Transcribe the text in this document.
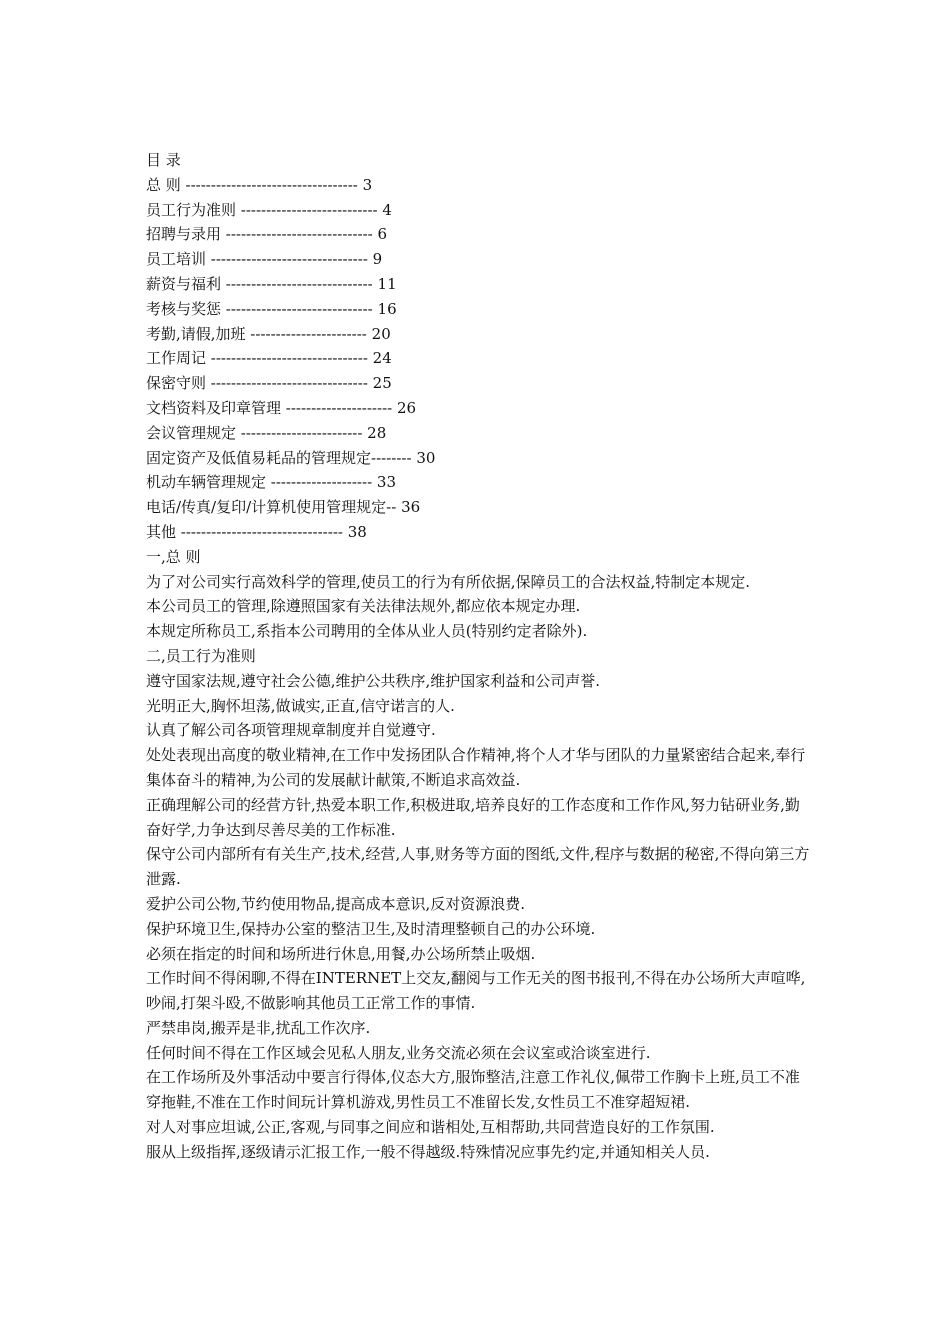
目 录
总 则 ---------------------------------- 3
员工行为准则 --------------------------- 4
招聘与录用 ----------------------------- 6
员工培训 ------------------------------- 9
薪资与福利 ----------------------------- 11
考核与奖惩 ----------------------------- 16
考勤,请假,加班 ----------------------- 20
工作周记 ------------------------------- 24
保密守则 ------------------------------- 25
文档资料及印章管理 --------------------- 26
会议管理规定 ------------------------ 28
固定资产及低值易耗品的管理规定-------- 30
机动车辆管理规定 -------------------- 33
电话/传真/复印/计算机使用管理规定-- 36
其他 -------------------------------- 38
一,总 则
为了对公司实行高效科学的管理,使员工的行为有所依据,保障员工的合法权益,特制定本规定.
本公司员工的管理,除遵照国家有关法律法规外,都应依本规定办理.
本规定所称员工,系指本公司聘用的全体从业人员(特别约定者除外).
二,员工行为准则
遵守国家法规,遵守社会公德,维护公共秩序,维护国家利益和公司声誉.
光明正大,胸怀坦荡,做诚实,正直,信守诺言的人.
认真了解公司各项管理规章制度并自觉遵守.
处处表现出高度的敬业精神,在工作中发扬团队合作精神,将个人才华与团队的力量紧密结合起来,奉行集体奋斗的精神,为公司的发展献计献策,不断追求高效益.
正确理解公司的经营方针,热爱本职工作,积极进取,培养良好的工作态度和工作作风,努力钻研业务,勤奋好学,力争达到尽善尽美的工作标准.
保守公司内部所有有关生产,技术,经营,人事,财务等方面的图纸,文件,程序与数据的秘密,不得向第三方泄露.
爱护公司公物,节约使用物品,提高成本意识,反对资源浪费.
保护环境卫生,保持办公室的整洁卫生,及时清理整顿自己的办公环境.
必须在指定的时间和场所进行休息,用餐,办公场所禁止吸烟.
工作时间不得闲聊,不得在INTERNET上交友,翻阅与工作无关的图书报刊,不得在办公场所大声喧哗,吵闹,打架斗殴,不做影响其他员工正常工作的事情.
严禁串岗,搬弄是非,扰乱工作次序.
任何时间不得在工作区域会见私人朋友,业务交流必须在会议室或洽谈室进行.
在工作场所及外事活动中要言行得体,仪态大方,服饰整洁,注意工作礼仪,佩带工作胸卡上班,员工不准穿拖鞋,不准在工作时间玩计算机游戏,男性员工不准留长发,女性员工不准穿超短裙.
对人对事应坦诚,公正,客观,与同事之间应和谐相处,互相帮助,共同营造良好的工作氛围.
服从上级指挥,逐级请示汇报工作,一般不得越级.特殊情况应事先约定,并通知相关人员.
